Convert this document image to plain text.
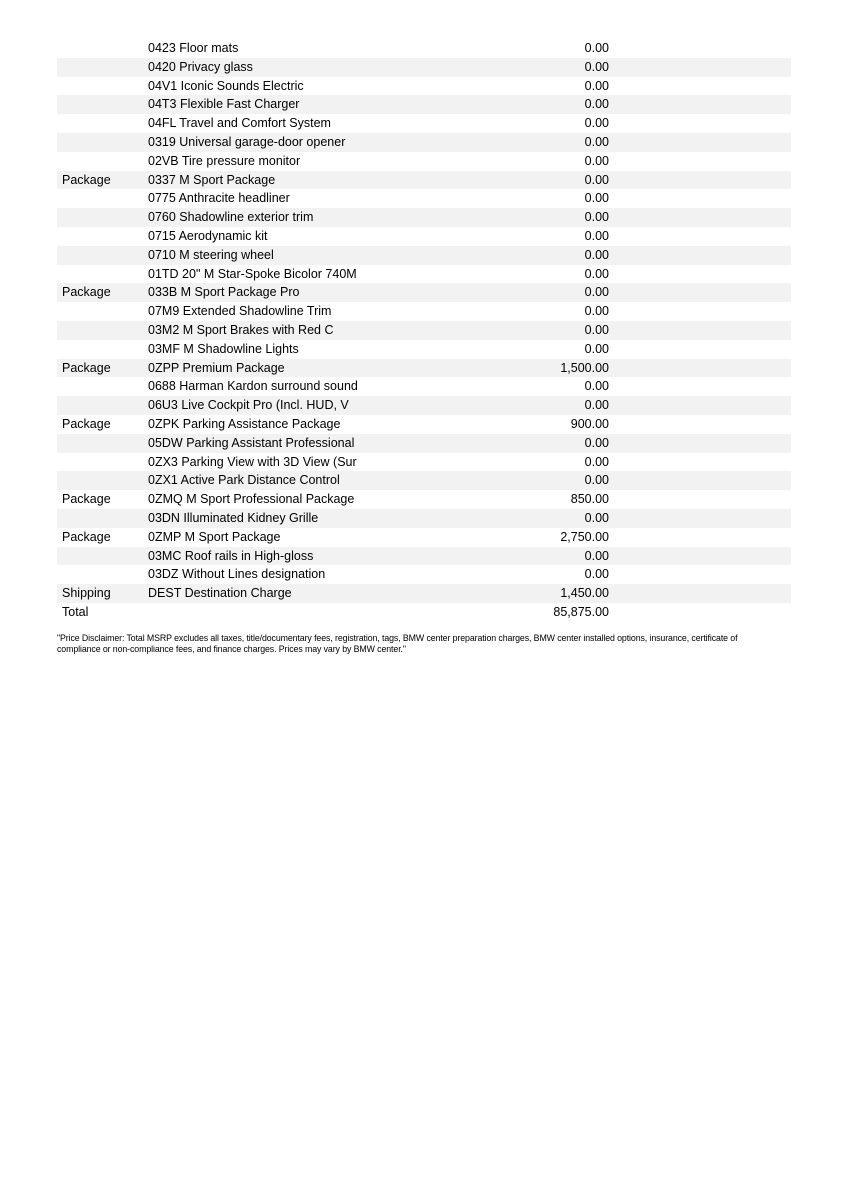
0423 Floor mats	0.00
0420 Privacy glass	0.00
04V1 Iconic Sounds Electric	0.00
04T3 Flexible Fast Charger	0.00
04FL Travel and Comfort System	0.00
0319 Universal garage-door opener	0.00
02VB Tire pressure monitor	0.00
Package	0337 M Sport Package	0.00
0775 Anthracite headliner	0.00
0760 Shadowline exterior trim	0.00
0715 Aerodynamic kit	0.00
0710 M steering wheel	0.00
01TD 20" M Star-Spoke Bicolor 740M	0.00
Package	033B M Sport Package Pro	0.00
07M9 Extended Shadowline Trim	0.00
03M2 M Sport Brakes with Red C	0.00
03MF M Shadowline Lights	0.00
Package	0ZPP Premium Package	1,500.00
0688 Harman Kardon surround sound	0.00
06U3 Live Cockpit Pro (Incl. HUD, V	0.00
Package	0ZPK Parking Assistance Package	900.00
05DW Parking Assistant Professional	0.00
0ZX3 Parking View with 3D View (Sur	0.00
0ZX1 Active Park Distance Control	0.00
Package	0ZMQ M Sport Professional Package	850.00
03DN Illuminated Kidney Grille	0.00
Package	0ZMP M Sport Package	2,750.00
03MC Roof rails in High-gloss	0.00
03DZ Without Lines designation	0.00
Shipping	DEST Destination Charge	1,450.00
Total	85,875.00

"Price Disclaimer: Total MSRP excludes all taxes, title/documentary fees, registration, tags, BMW center preparation charges, BMW center installed options, insurance, certificate of compliance or non-compliance fees, and finance charges. Prices may vary by BMW center."
